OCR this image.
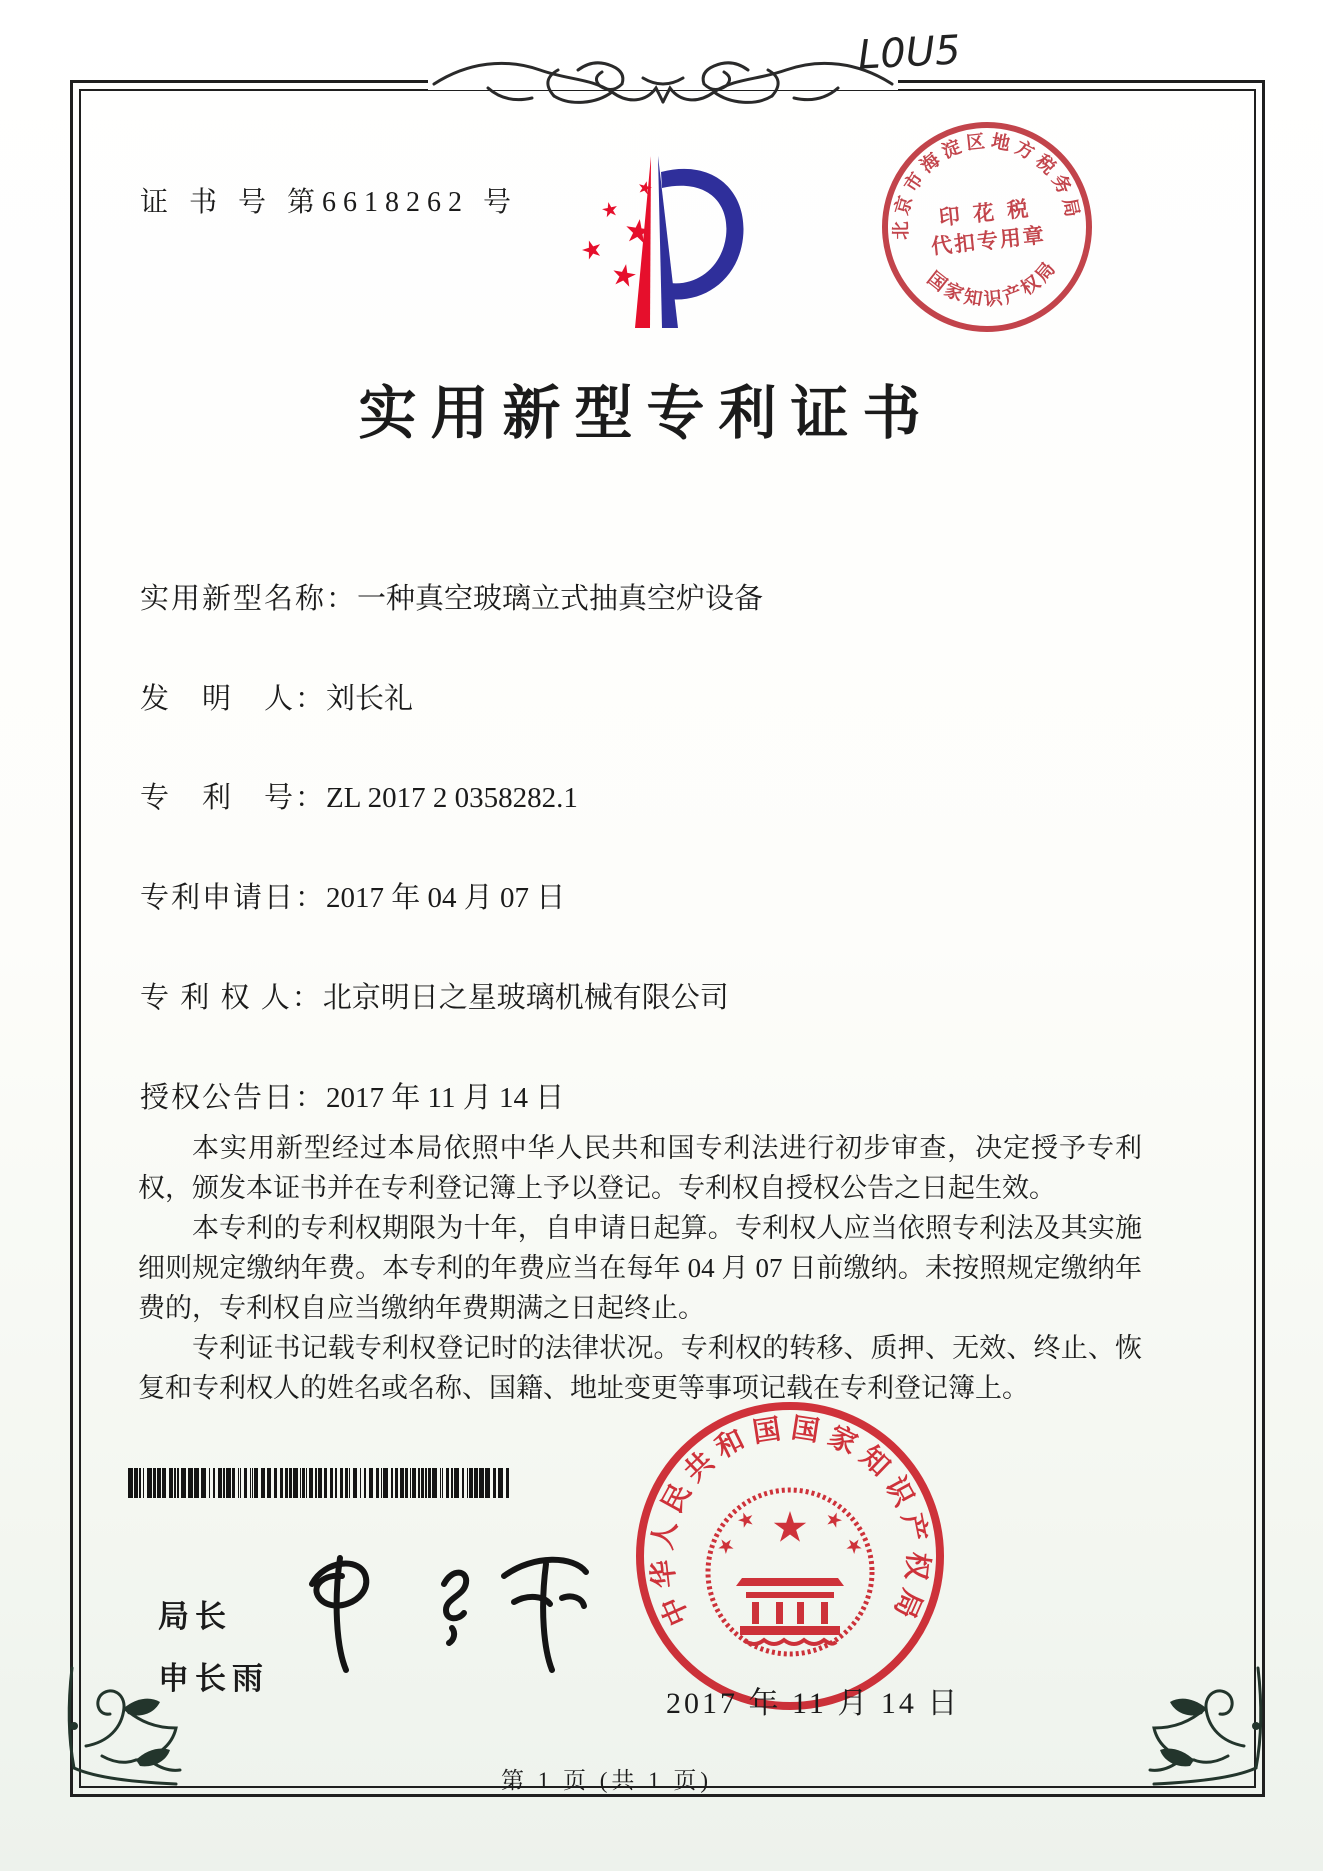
L0U5
证 书 号 第6618262 号
北京市海淀区地方税务局
国家知识产权局
印 花 税
代扣专用章
实用新型专利证书
实用新型名称：一种真空玻璃立式抽真空炉设备
发　明　人：刘长礼
专　利　号：ZL 2017 2 0358282.1
专利申请日：2017 年 04 月 07 日
专 利 权 人：北京明日之星玻璃机械有限公司
授权公告日：2017 年 11 月 14 日

本实用新型经过本局依照中华人民共和国专利法进行初步审查，决定授予专利权，颁发本证书并在专利登记簿上予以登记。专利权自授权公告之日起生效。

本专利的专利权期限为十年，自申请日起算。专利权人应当依照专利法及其实施细则规定缴纳年费。本专利的年费应当在每年 04 月 07 日前缴纳。未按照规定缴纳年费的，专利权自应当缴纳年费期满之日起终止。

专利证书记载专利权登记时的法律状况。专利权的转移、质押、无效、终止、恢复和专利权人的姓名或名称、国籍、地址变更等事项记载在专利登记簿上。

局长
申长雨
中华人民共和国国家知识产权局
2017 年 11 月 14 日
第 1 页 (共 1 页)
